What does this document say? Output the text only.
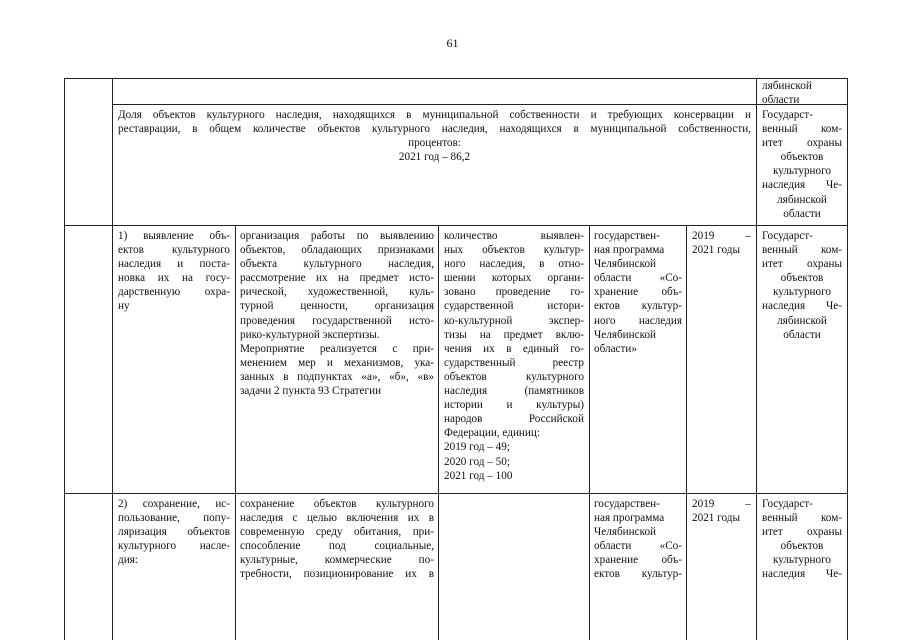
61
лябинской
области
Доля объектов культурного наследия, находящихся в муниципальной собственности и требующих консервации и
реставрации, в общем количестве объектов культурного наследия, находящихся в муниципальной собственности,
процентов:
2021 год – 86,2
Государст-
венный ком-
итет охраны
объектов
культурного
наследия Че-
лябинской
области
1) выявление объ-
ектов культурного
наследия и поста-
новка их на госу-
дарственную охра-
ну
организация работы по выявлению
объектов, обладающих признаками
объекта культурного наследия,
рассмотрение их на предмет исто-
рической, художественной, куль-
турной ценности, организация
проведения государственной исто-
рико-культурной экспертизы.
Мероприятие реализуется с при-
менением мер и механизмов, ука-
занных в подпунктах «а», «б», «в»
задачи 2 пункта 93 Стратегии
количество выявлен-
ных объектов культур-
ного наследия, в отно-
шении которых органи-
зовано проведение го-
сударственной истори-
ко-культурной экспер-
тизы на предмет вклю-
чения их в единый го-
сударственный реестр
объектов культурного
наследия (памятников
истории и культуры)
народов Российской
Федерации, единиц:
2019 год – 49;
2020 год – 50;
2021 год – 100
государствен-
ная программа
Челябинской
области «Со-
хранение объ-
ектов культур-
ного наследия
Челябинской
области»
2019 –
2021 годы
Государст-
венный ком-
итет охраны
объектов
культурного
наследия Че-
лябинской
области
2) сохранение, ис-
пользование, попу-
ляризация объектов
культурного насле-
дия:
сохранение объектов культурного
наследия с целью включения их в
современную среду обитания, при-
способление под социальные,
культурные, коммерческие по-
требности, позиционирование их в
государствен-
ная программа
Челябинской
области «Со-
хранение объ-
ектов культур-
2019 –
2021 годы
Государст-
венный ком-
итет охраны
объектов
культурного
наследия Че-
